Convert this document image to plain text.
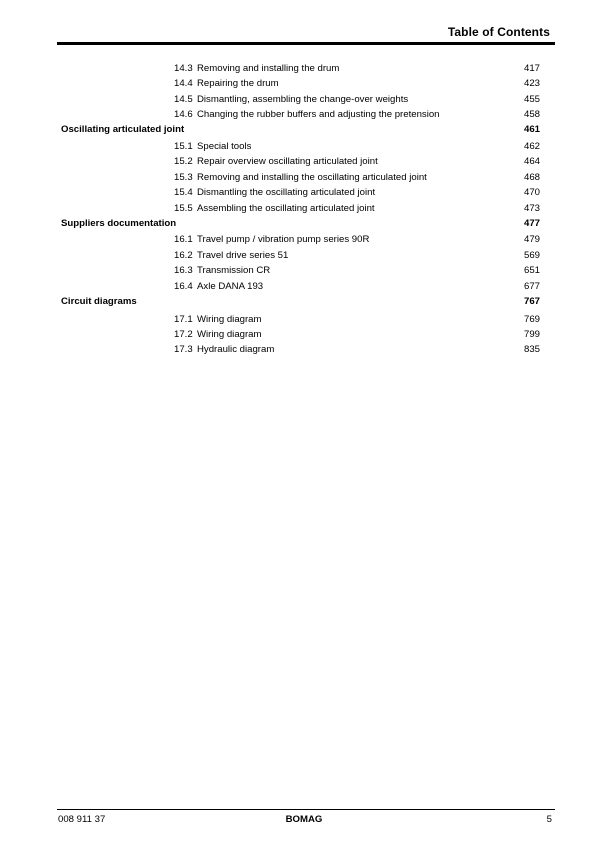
Table of Contents
14.3 Removing and installing the drum	417
14.4 Repairing the drum	423
14.5 Dismantling, assembling the change-over weights	455
14.6 Changing the rubber buffers and adjusting the pretension	458
Oscillating articulated joint	461
15.1 Special tools	462
15.2 Repair overview oscillating articulated joint	464
15.3 Removing and installing the oscillating articulated joint	468
15.4 Dismantling the oscillating articulated joint	470
15.5 Assembling the oscillating articulated joint	473
Suppliers documentation	477
16.1 Travel pump / vibration pump series 90R	479
16.2 Travel drive series 51	569
16.3 Transmission CR	651
16.4 Axle DANA 193	677
Circuit diagrams	767
17.1 Wiring diagram	769
17.2 Wiring diagram	799
17.3 Hydraulic diagram	835
008 911 37	BOMAG	5
